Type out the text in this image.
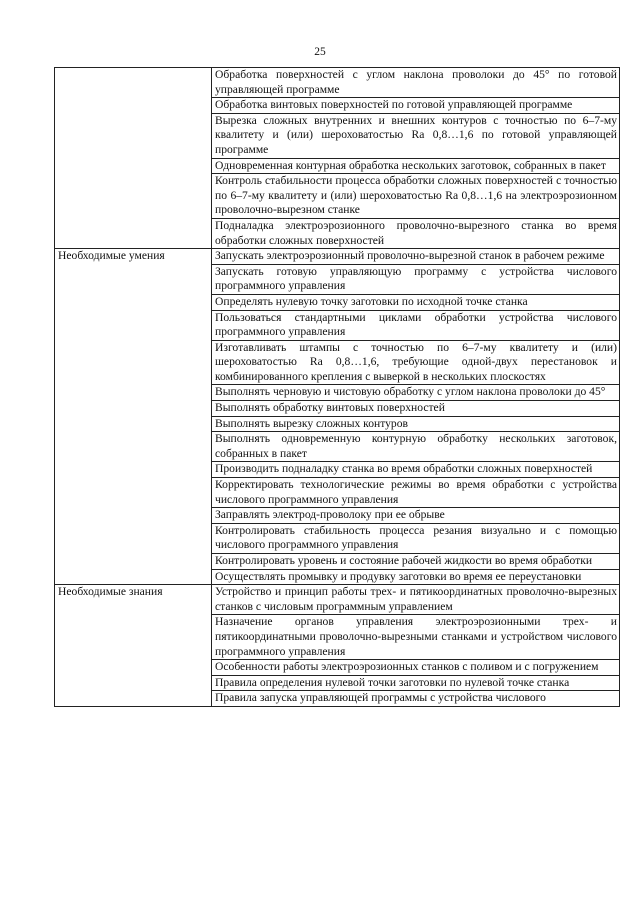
25
	Обработка поверхностей с углом наклона проволоки до 45° по готовой управляющей программе
	Обработка винтовых поверхностей по готовой управляющей программе
	Вырезка сложных внутренних и внешних контуров с точностью по 6–7-му квалитету и (или) шероховатостью Ra 0,8…1,6 по готовой управляющей программе
	Одновременная контурная обработка нескольких заготовок, собранных в пакет
	Контроль стабильности процесса обработки сложных поверхностей с точностью по 6–7-му квалитету и (или) шероховатостью Ra 0,8…1,6 на электроэрозионном проволочно-вырезном станке
	Подналадка электроэрозионного проволочно-вырезного станка во время обработки сложных поверхностей
Необходимые умения	Запускать электроэрозионный проволочно-вырезной станок в рабочем режиме
	Запускать готовую управляющую программу с устройства числового программного управления
	Определять нулевую точку заготовки по исходной точке станка
	Пользоваться стандартными циклами обработки устройства числового программного управления
	Изготавливать штампы с точностью по 6–7-му квалитету и (или) шероховатостью Ra 0,8…1,6, требующие одной-двух перестановок и комбинированного крепления с выверкой в нескольких плоскостях
	Выполнять черновую и чистовую обработку с углом наклона проволоки до 45°
	Выполнять обработку винтовых поверхностей
	Выполнять вырезку сложных контуров
	Выполнять одновременную контурную обработку нескольких заготовок, собранных в пакет
	Производить подналадку станка во время обработки сложных поверхностей
	Корректировать технологические режимы во время обработки с устройства числового программного управления
	Заправлять электрод-проволоку при ее обрыве
	Контролировать стабильность процесса резания визуально и с помощью числового программного управления
	Контролировать уровень и состояние рабочей жидкости во время обработки
	Осуществлять промывку и продувку заготовки во время ее переустановки
Необходимые знания	Устройство и принцип работы трех- и пятикоординатных проволочно-вырезных станков с числовым программным управлением
	Назначение органов управления электроэрозионными трех- и пятикоординатными проволочно-вырезными станками и устройством числового программного управления
	Особенности работы электроэрозионных станков с поливом и с погружением
	Правила определения нулевой точки заготовки по нулевой точке станка
	Правила запуска управляющей программы с устройства числового
